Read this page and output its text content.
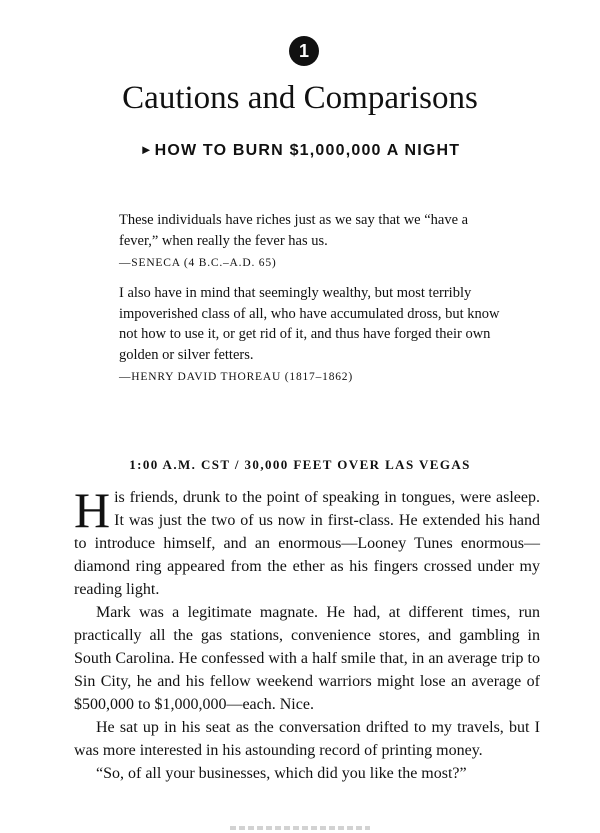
1
Cautions and Comparisons
► HOW TO BURN $1,000,000 A NIGHT

These individuals have riches just as we say that we “have a fever,” when really the fever has us.

—SENECA (4 B.C.–A.D. 65)

I also have in mind that seemingly wealthy, but most terribly impoverished class of all, who have accumulated dross, but know not how to use it, or get rid of it, and thus have forged their own golden or silver fetters.

—HENRY DAVID THOREAU (1817–1862)

1:00 A.M. CST / 30,000 FEET OVER LAS VEGAS

His friends, drunk to the point of speaking in tongues, were asleep. It was just the two of us now in first-class. He extended his hand to introduce himself, and an enormous—Looney Tunes enormous—diamond ring appeared from the ether as his fingers crossed under my reading light.

Mark was a legitimate magnate. He had, at different times, run practically all the gas stations, convenience stores, and gambling in South Carolina. He confessed with a half smile that, in an average trip to Sin City, he and his fellow weekend warriors might lose an average of $500,000 to $1,000,000—each. Nice.

He sat up in his seat as the conversation drifted to my travels, but I was more interested in his astounding record of printing money.

“So, of all your businesses, which did you like the most?”
